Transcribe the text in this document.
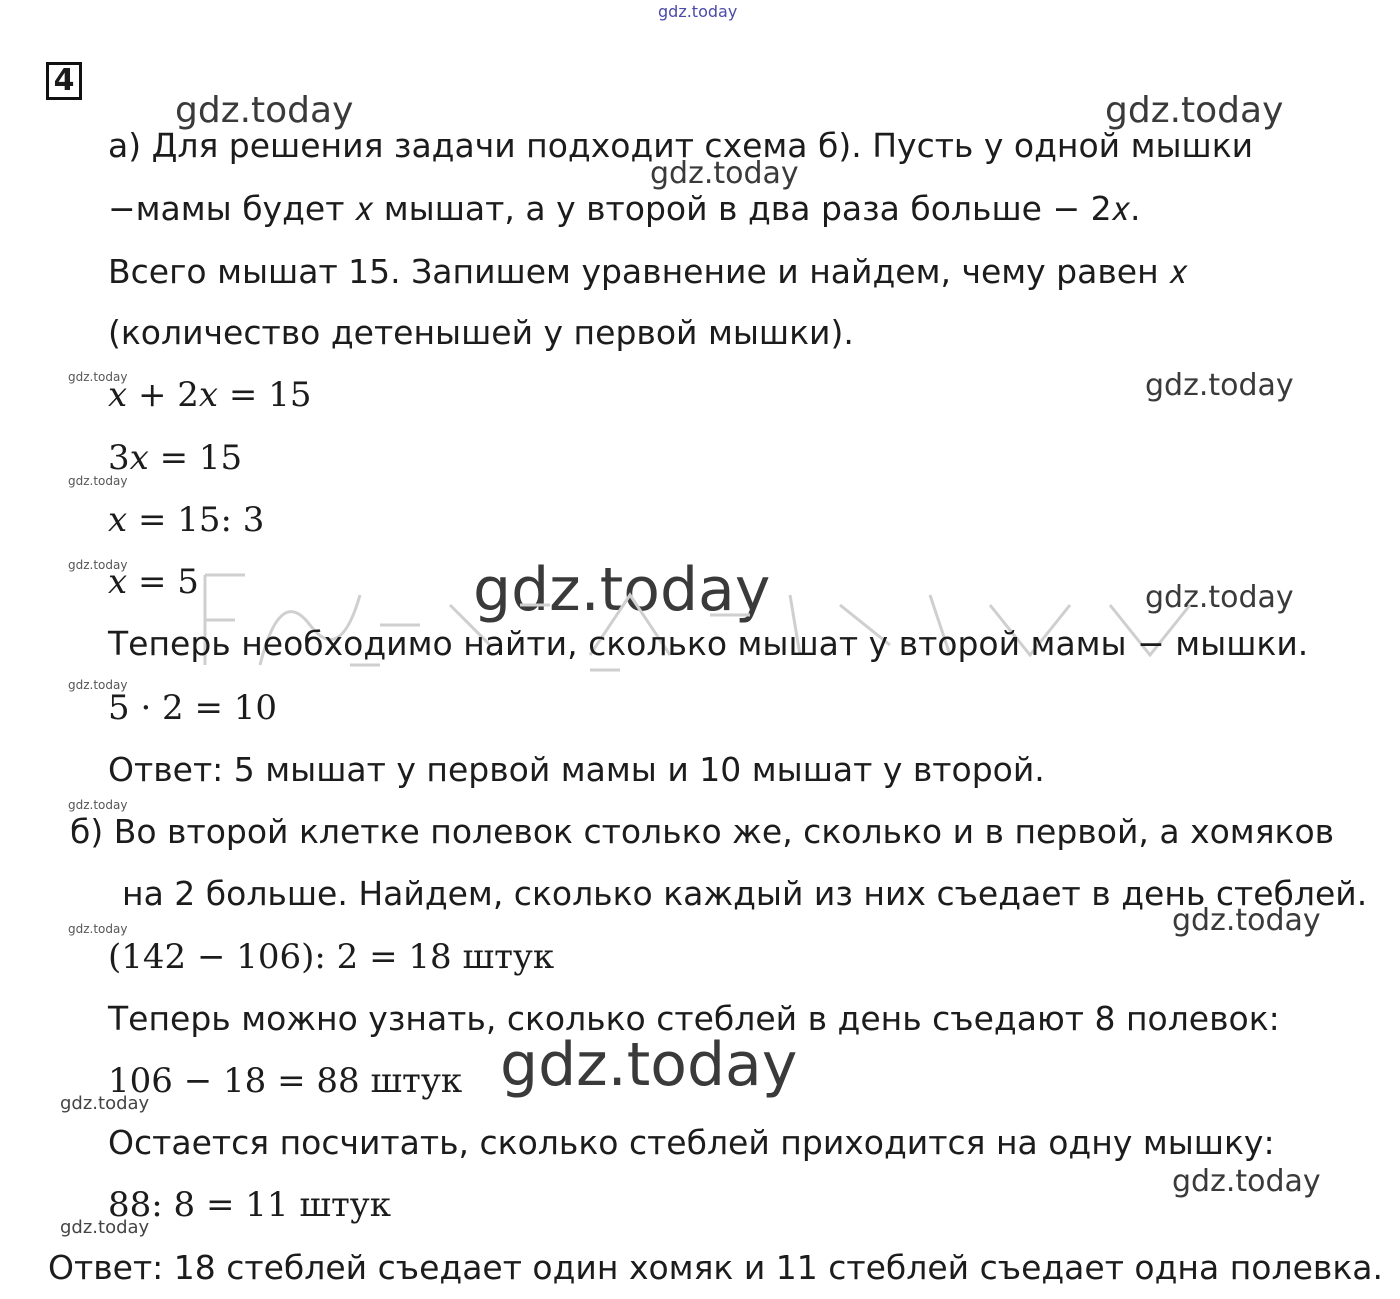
gdz.today
gdz.today	gdz.today
gdz.today
gdz.today
gdz.today
gdz.today
gdz.today	gdz.today	gdz.today
gdz.today
gdz.today
gdz.today	gdz.today
gdz.today
gdz.today
gdz.today
gdz.today
4
а) Для решения задачи подходит схема б). Пусть у одной мышки
−мамы будет 𝑥 мышат, а у второй в два раза больше − 2𝑥.
Всего мышат 15. Запишем уравнение и найдем, чему равен 𝑥
(количество детенышей у первой мышки).
𝑥 + 2𝑥 = 15
3𝑥 = 15
𝑥 = 15: 3
𝑥 = 5
Теперь необходимо найти, сколько мышат у второй мамы − мышки.
5 · 2 = 10
Ответ: 5 мышат у первой мамы и 10 мышат у второй.
б) Во второй клетке полевок столько же, сколько и в первой, а хомяков
на 2 больше. Найдем, сколько каждый из них съедает в день стеблей.
(142 − 106): 2 = 18 штук
Теперь можно узнать, сколько стеблей в день съедают 8 полевок:
106 − 18 = 88 штук
Остается посчитать, сколько стеблей приходится на одну мышку:
88: 8 = 11 штук
Ответ: 18 стеблей съедает один хомяк и 11 стеблей съедает одна полевка.
